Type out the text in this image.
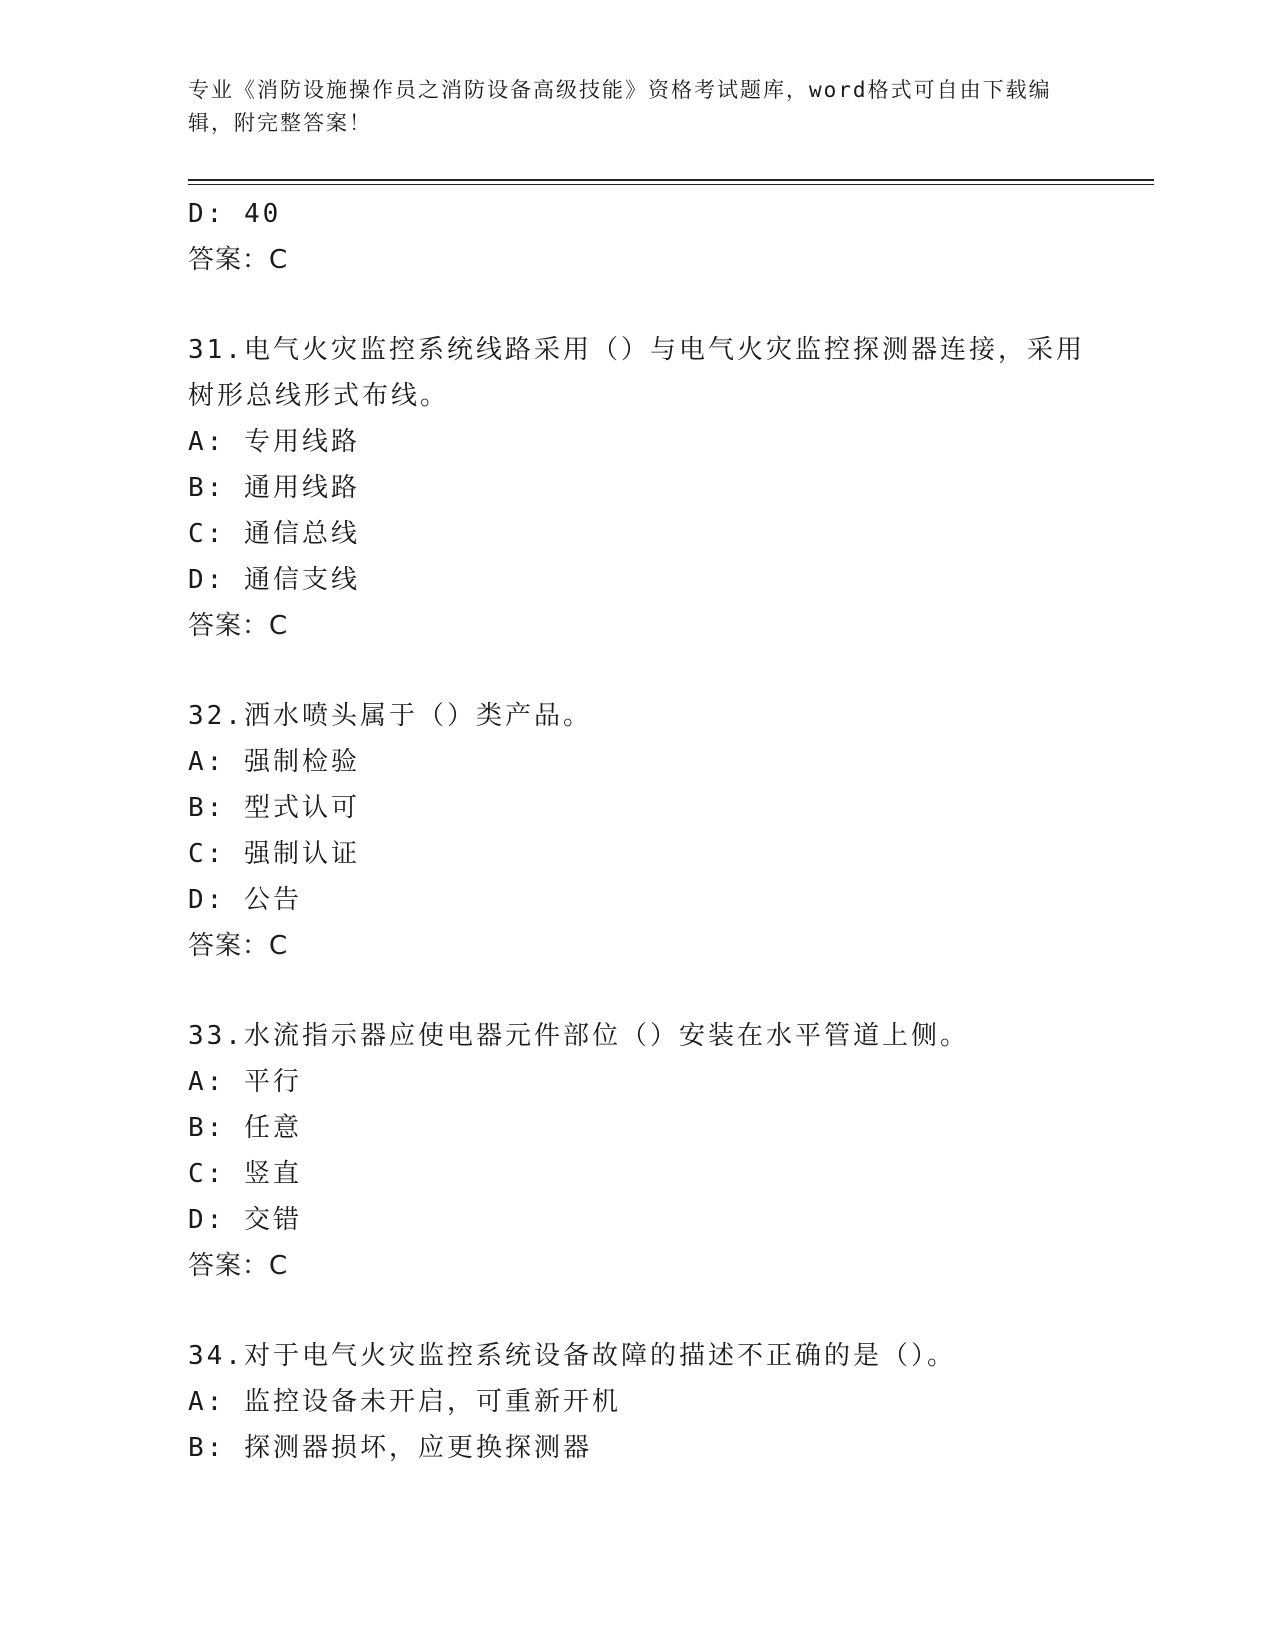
专业《消防设施操作员之消防设备高级技能》资格考试题库，word格式可自由下载编辑，附完整答案！

D: 40

答案：C

31.电气火灾监控系统线路采用（）与电气火灾监控探测器连接，采用树形总线形式布线。

A: 专用线路

B: 通用线路

C: 通信总线

D: 通信支线

答案：C

32.洒水喷头属于（）类产品。

A: 强制检验

B: 型式认可

C: 强制认证

D: 公告

答案：C

33.水流指示器应使电器元件部位（）安装在水平管道上侧。

A: 平行

B: 任意

C: 竖直

D: 交错

答案：C

34.对于电气火灾监控系统设备故障的描述不正确的是（）。

A: 监控设备未开启，可重新开机

B: 探测器损坏，应更换探测器
